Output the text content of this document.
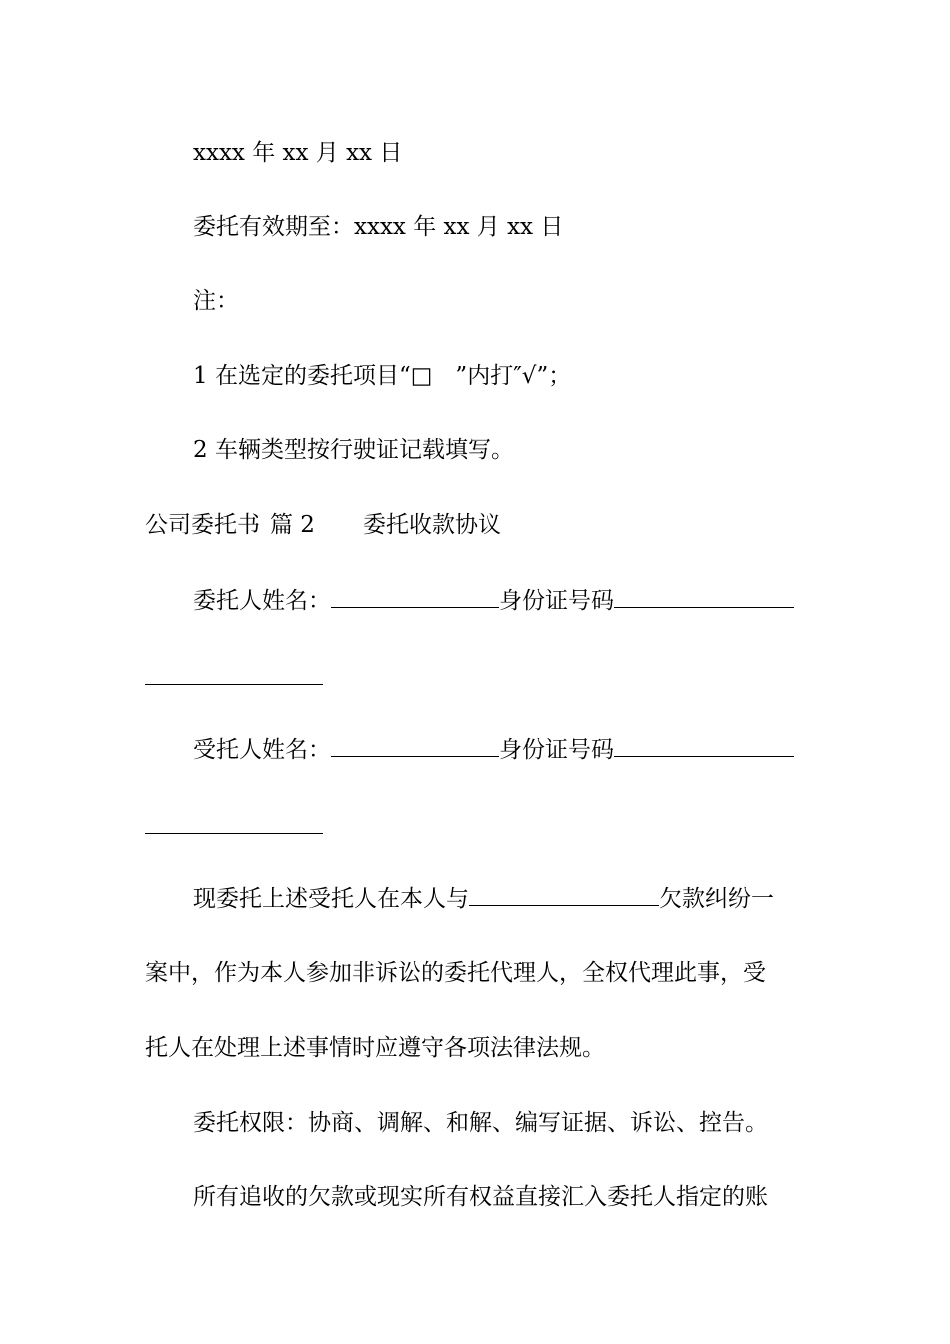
xxxx 年 xx 月 xx 日
委托有效期至：xxxx 年 xx 月 xx 日
注：
1 在选定的委托项目“□　”内打″√”；
2 车辆类型按行驶证记载填写。
公司委托书 篇 2 委托收款协议
委托人姓名：	身份证号码
受托人姓名：	身份证号码
现委托上述受托人在本人与	欠款纠纷一
案中，作为本人参加非诉讼的委托代理人，全权代理此事，受
托人在处理上述事情时应遵守各项法律法规。
委托权限：协商、调解、和解、编写证据、诉讼、控告。
所有追收的欠款或现实所有权益直接汇入委托人指定的账
